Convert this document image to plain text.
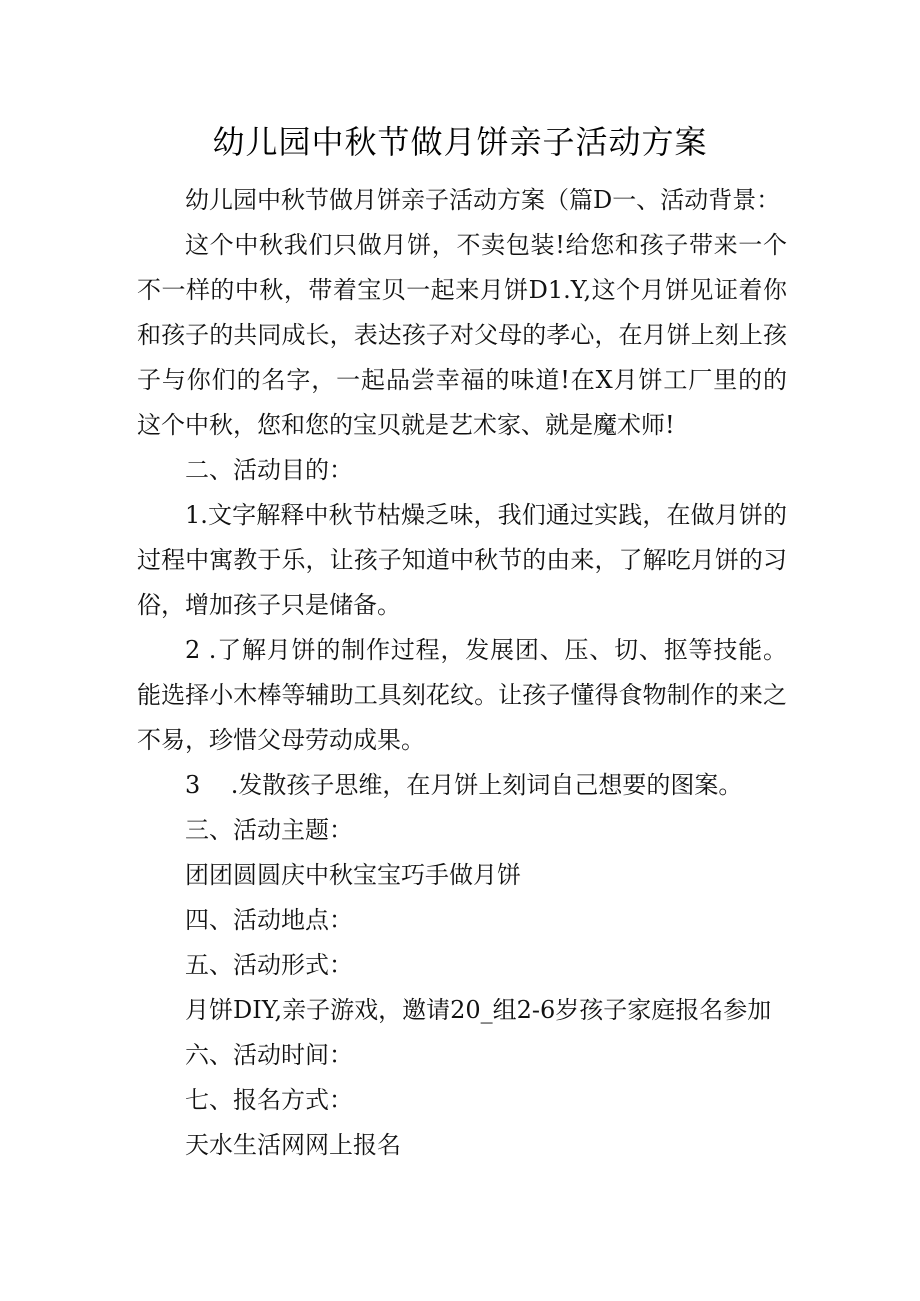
幼儿园中秋节做月饼亲子活动方案

幼儿园中秋节做月饼亲子活动方案（篇D一、活动背景：

这个中秋我们只做月饼，不卖包装!给您和孩子带来一个不一样的中秋，带着宝贝一起来月饼D1.Y,这个月饼见证着你和孩子的共同成长，表达孩子对父母的孝心，在月饼上刻上孩子与你们的名字，一起品尝幸福的味道!在X月饼工厂里的的这个中秋，您和您的宝贝就是艺术家、就是魔术师!

二、活动目的：

1.文字解释中秋节枯燥乏味，我们通过实践，在做月饼的过程中寓教于乐，让孩子知道中秋节的由来，了解吃月饼的习俗，增加孩子只是储备。

2 .了解月饼的制作过程，发展团、压、切、抠等技能。能选择小木棒等辅助工具刻花纹。让孩子懂得食物制作的来之不易，珍惜父母劳动成果。

3    .发散孩子思维，在月饼上刻词自己想要的图案。

三、活动主题：

团团圆圆庆中秋宝宝巧手做月饼

四、活动地点：

五、活动形式：

月饼DIY,亲子游戏，邀请20_组2-6岁孩子家庭报名参加

六、活动时间：

七、报名方式：

天水生活网网上报名
